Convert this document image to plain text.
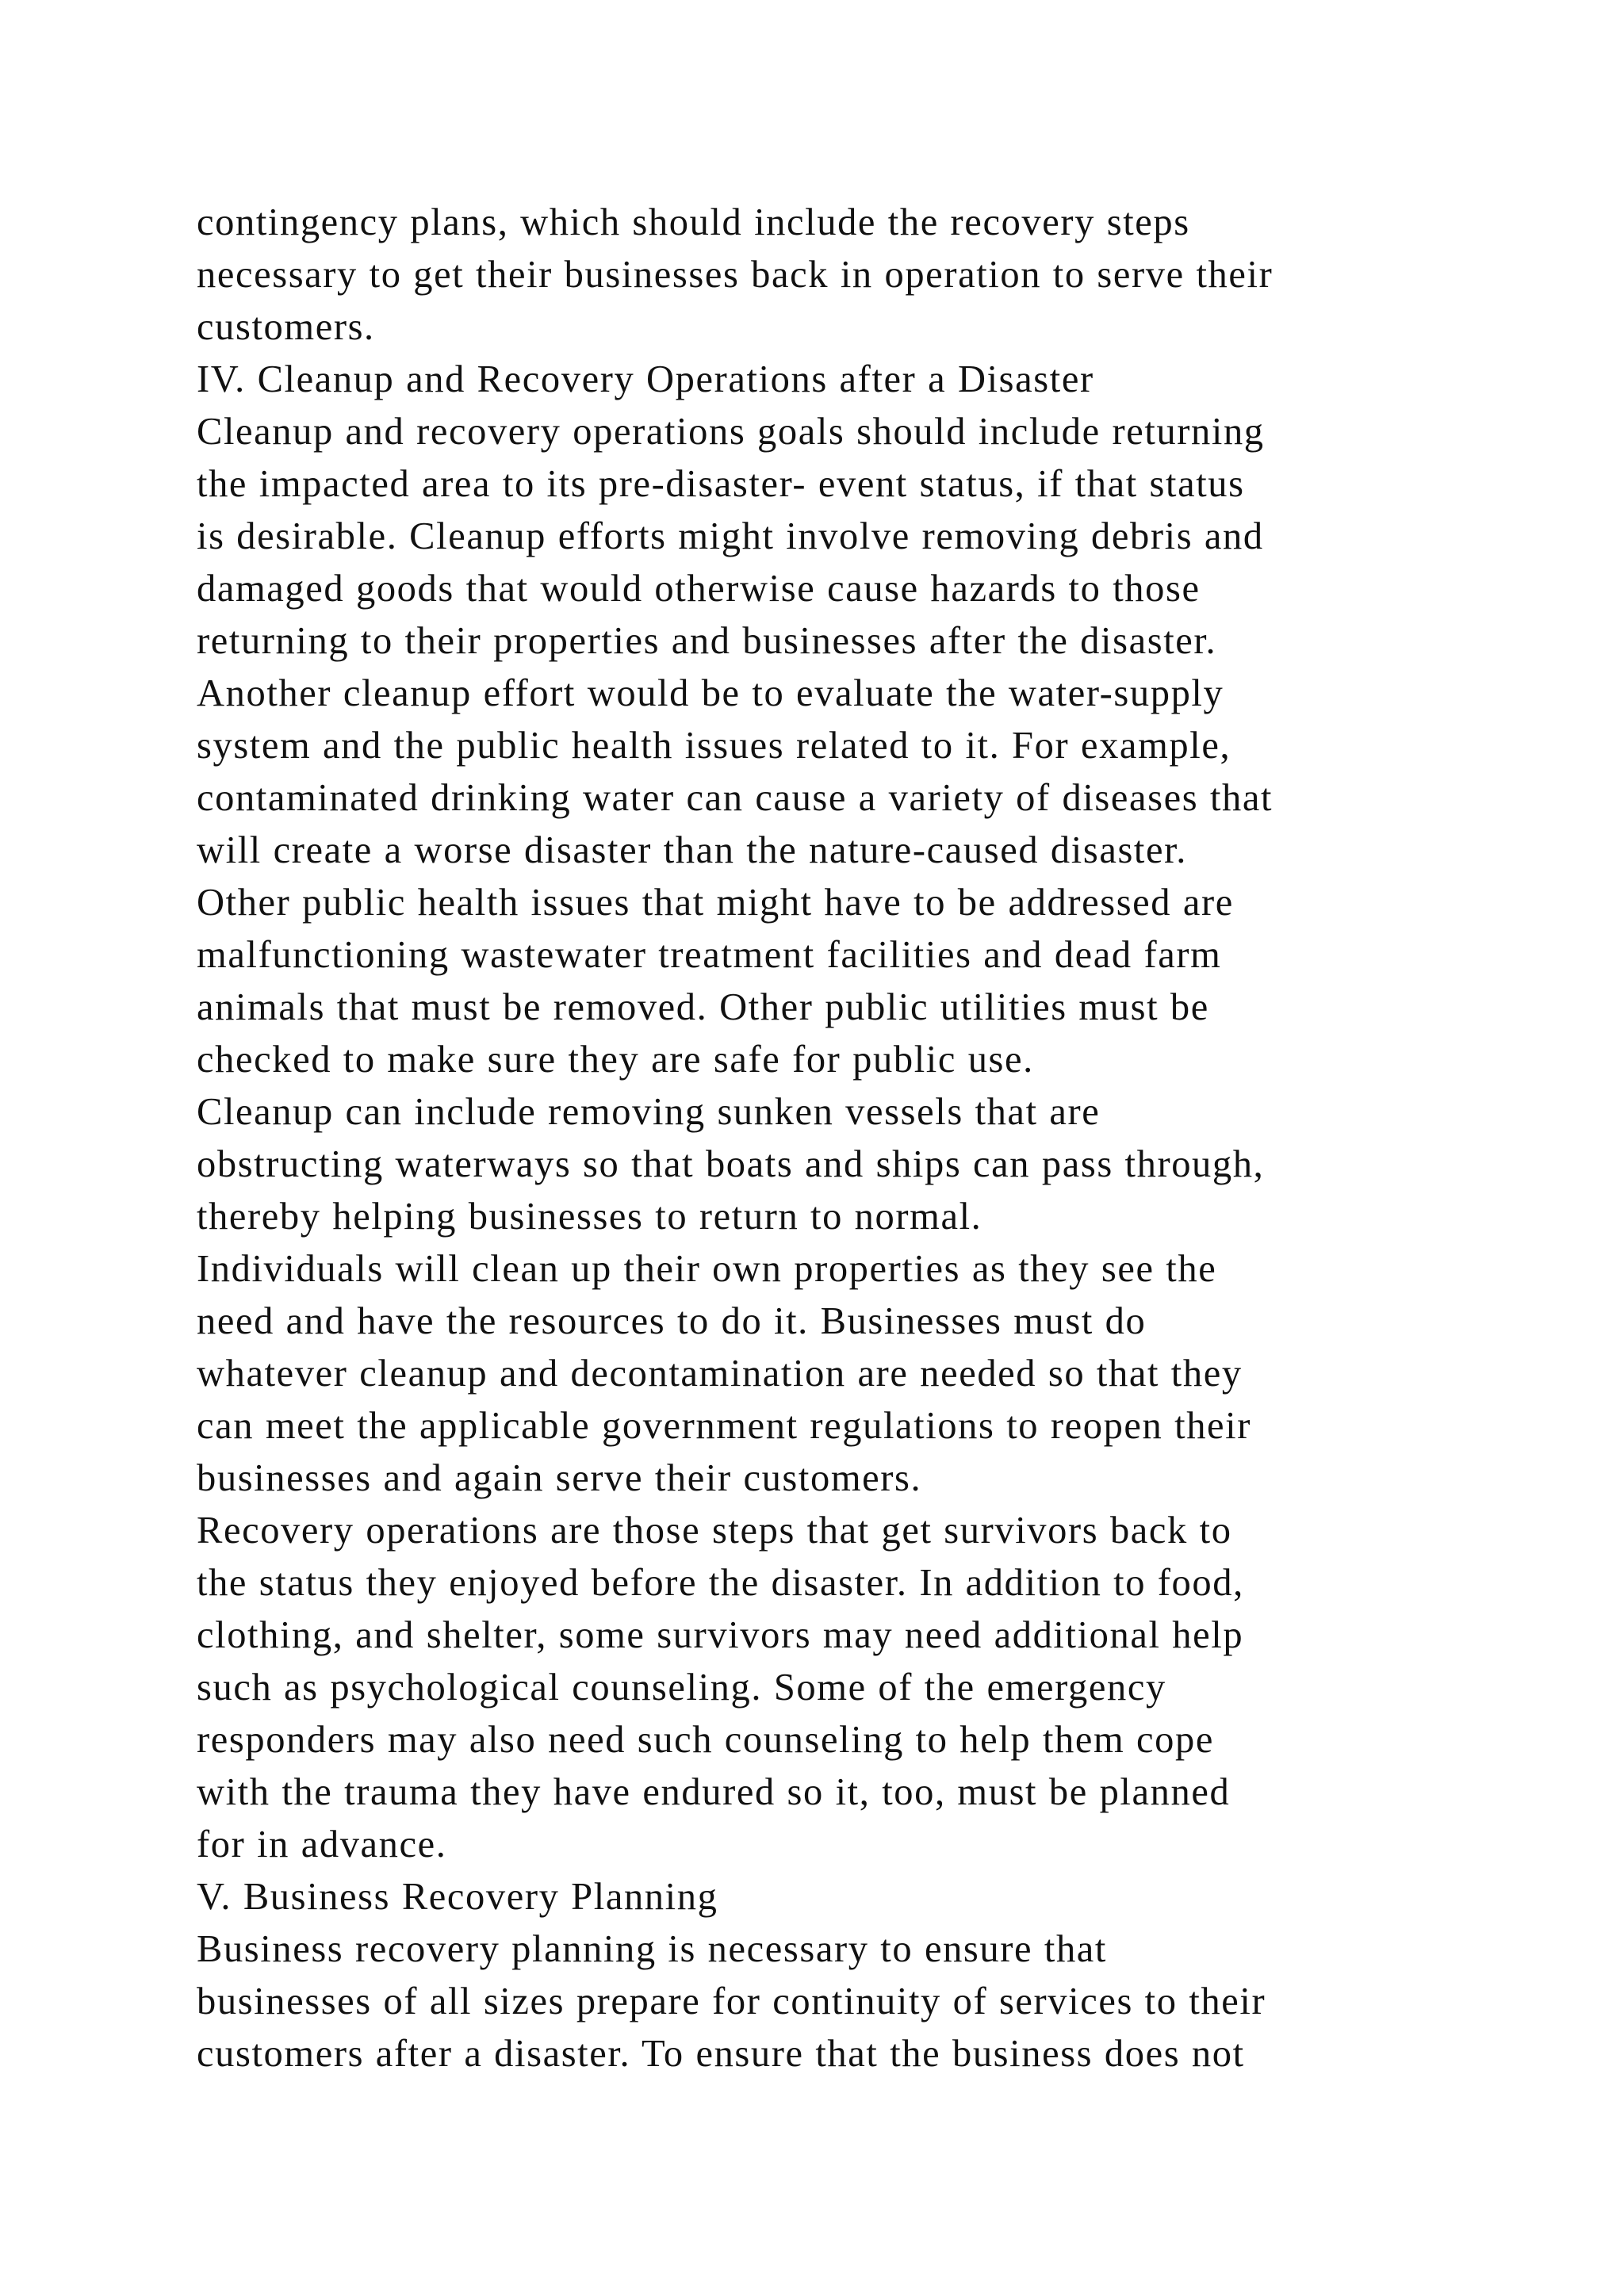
contingency plans, which should include the recovery steps
necessary to get their businesses back in operation to serve their
customers.
IV. Cleanup and Recovery Operations after a Disaster
Cleanup and recovery operations goals should include returning
the impacted area to its pre-disaster- event status, if that status
is desirable. Cleanup efforts might involve removing debris and
damaged goods that would otherwise cause hazards to those
returning to their properties and businesses after the disaster.
Another cleanup effort would be to evaluate the water-supply
system and the public health issues related to it. For example,
contaminated drinking water can cause a variety of diseases that
will create a worse disaster than the nature-caused disaster.
Other public health issues that might have to be addressed are
malfunctioning wastewater treatment facilities and dead farm
animals that must be removed. Other public utilities must be
checked to make sure they are safe for public use.
Cleanup can include removing sunken vessels that are
obstructing waterways so that boats and ships can pass through,
thereby helping businesses to return to normal.
Individuals will clean up their own properties as they see the
need and have the resources to do it. Businesses must do
whatever cleanup and decontamination are needed so that they
can meet the applicable government regulations to reopen their
businesses and again serve their customers.
Recovery operations are those steps that get survivors back to
the status they enjoyed before the disaster. In addition to food,
clothing, and shelter, some survivors may need additional help
such as psychological counseling. Some of the emergency
responders may also need such counseling to help them cope
with the trauma they have endured so it, too, must be planned
for in advance.
V. Business Recovery Planning
Business recovery planning is necessary to ensure that
businesses of all sizes prepare for continuity of services to their
customers after a disaster. To ensure that the business does not
